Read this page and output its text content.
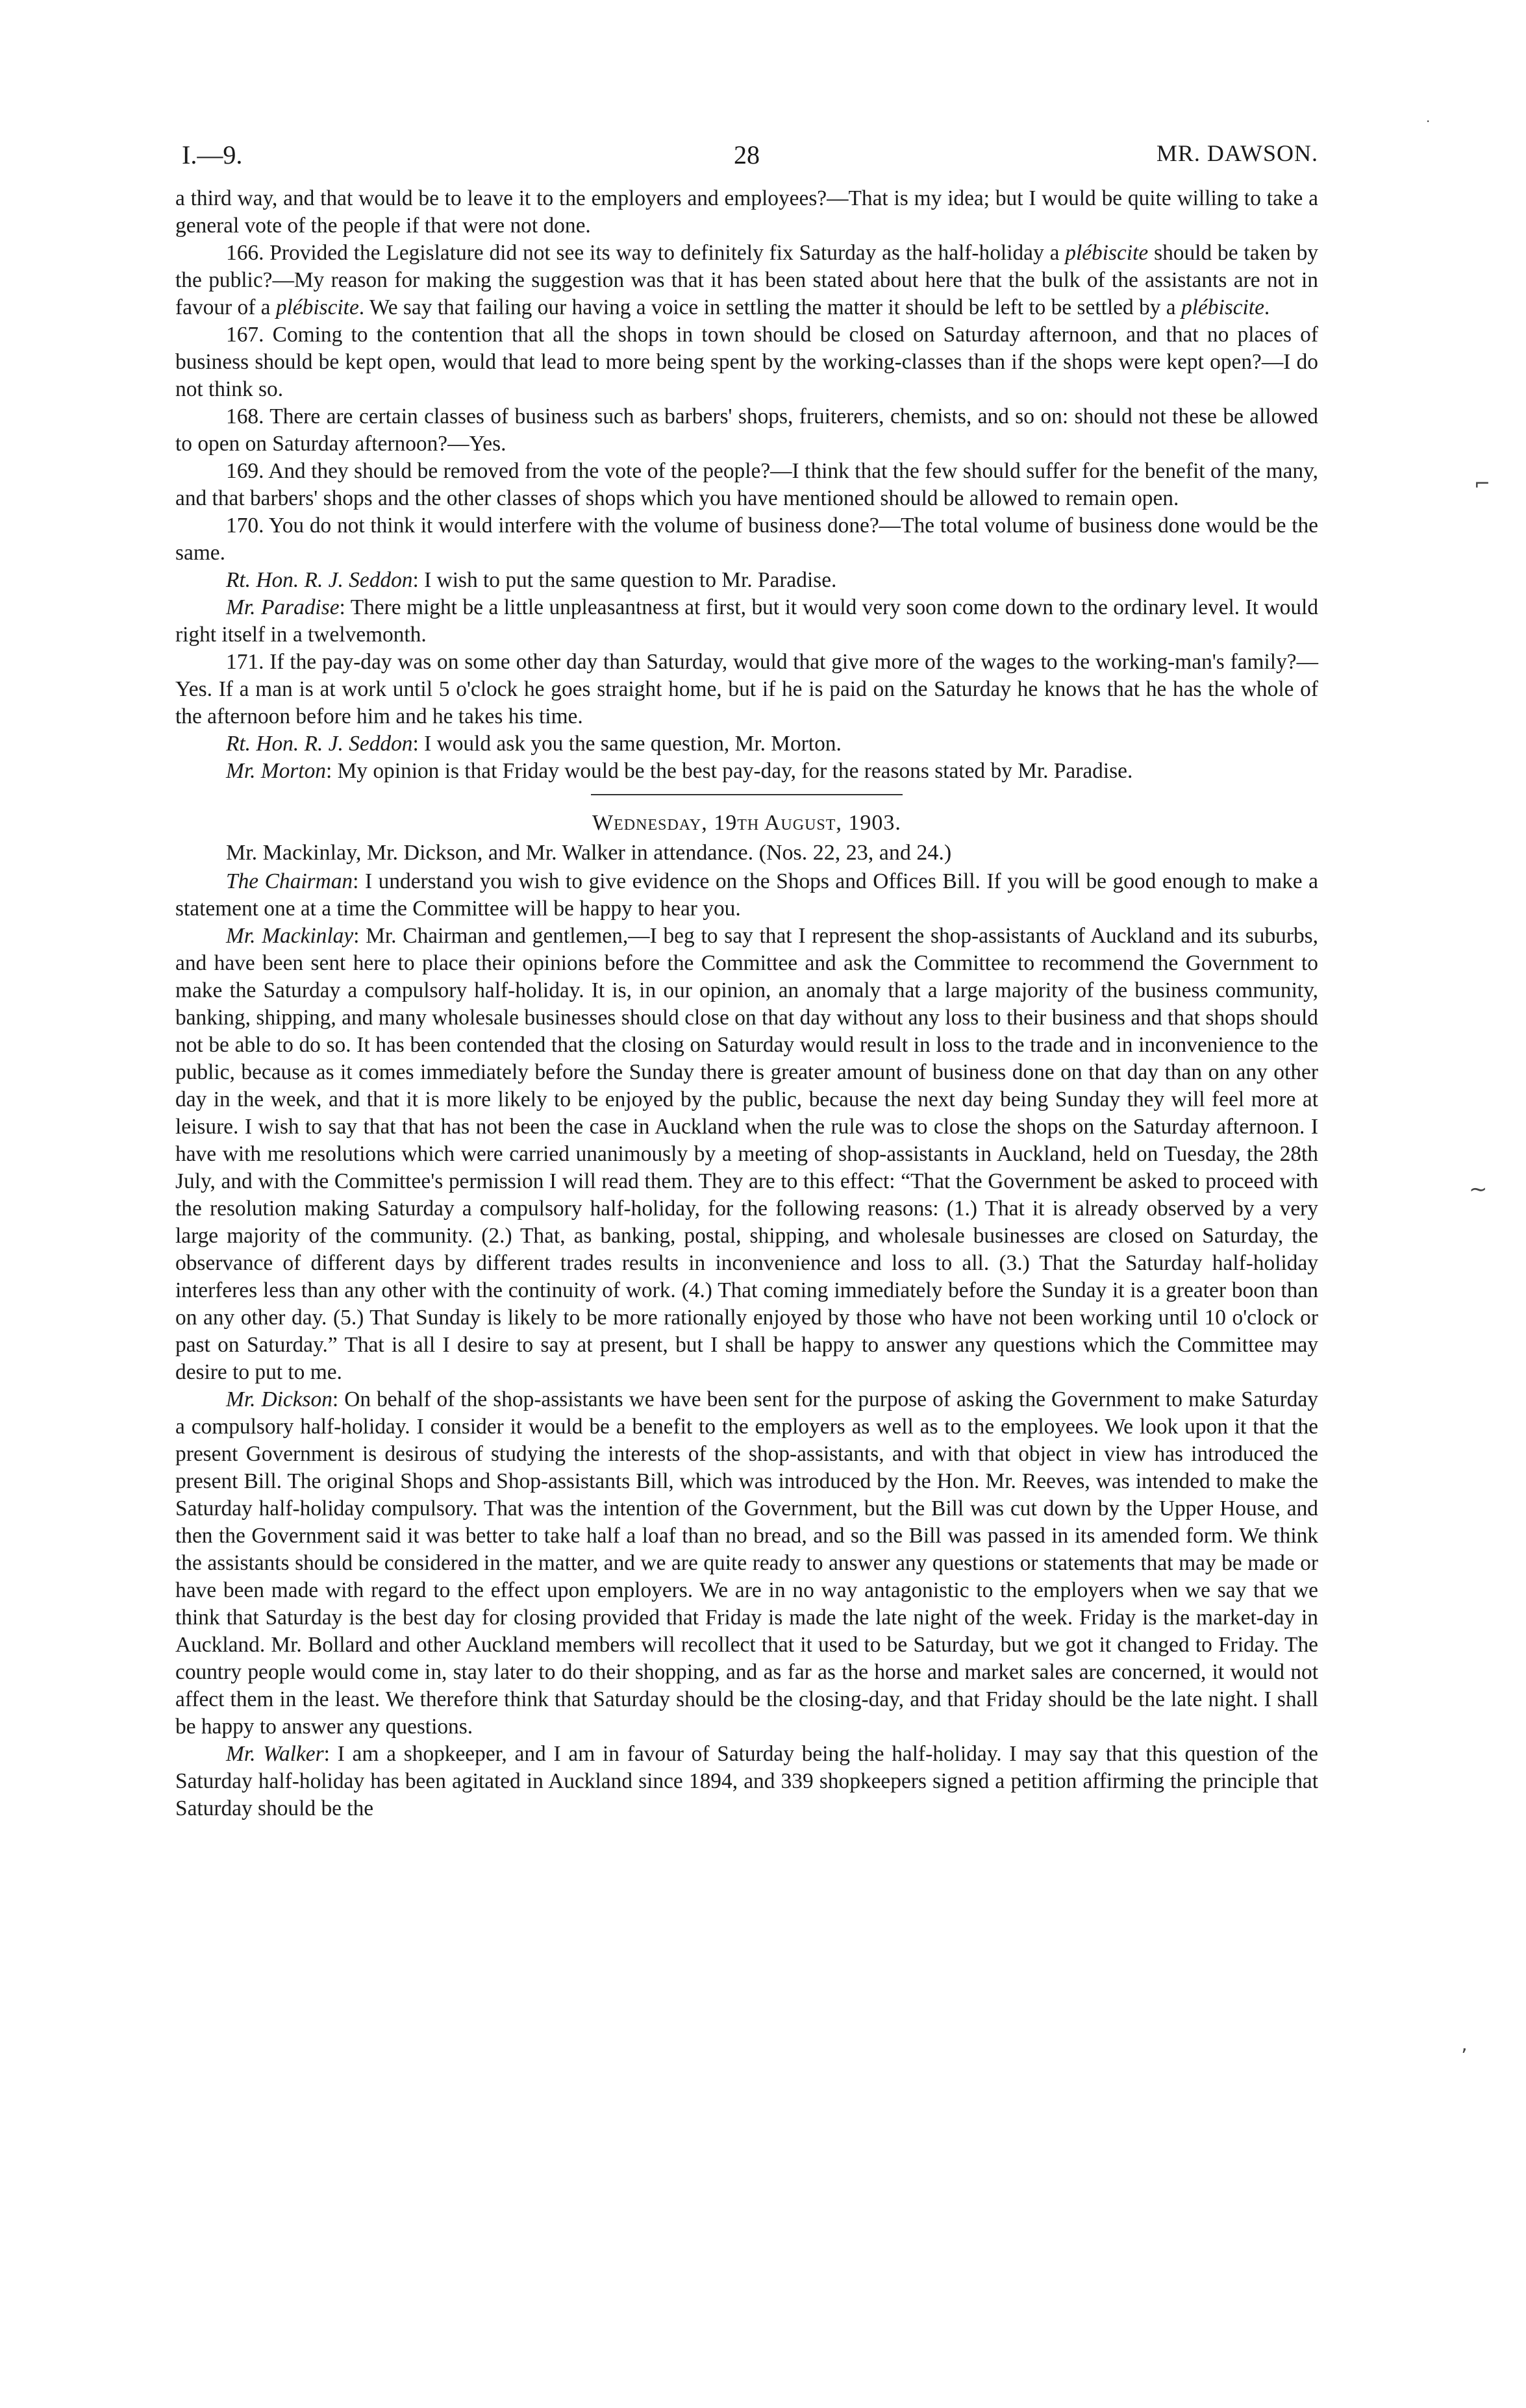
I.—9.	28	MR. DAWSON.

a third way, and that would be to leave it to the employers and employees?—That is my idea; but I would be quite willing to take a general vote of the people if that were not done.

166. Provided the Legislature did not see its way to definitely fix Saturday as the half-holiday a plébiscite should be taken by the public?—My reason for making the suggestion was that it has been stated about here that the bulk of the assistants are not in favour of a plébiscite. We say that failing our having a voice in settling the matter it should be left to be settled by a plébiscite.

167. Coming to the contention that all the shops in town should be closed on Saturday afternoon, and that no places of business should be kept open, would that lead to more being spent by the working-classes than if the shops were kept open?—I do not think so.

168. There are certain classes of business such as barbers' shops, fruiterers, chemists, and so on: should not these be allowed to open on Saturday afternoon?—Yes.

169. And they should be removed from the vote of the people?—I think that the few should suffer for the benefit of the many, and that barbers' shops and the other classes of shops which you have mentioned should be allowed to remain open.

170. You do not think it would interfere with the volume of business done?—The total volume of business done would be the same.

Rt. Hon. R. J. Seddon: I wish to put the same question to Mr. Paradise.

Mr. Paradise: There might be a little unpleasantness at first, but it would very soon come down to the ordinary level. It would right itself in a twelvemonth.

171. If the pay-day was on some other day than Saturday, would that give more of the wages to the working-man's family?—Yes. If a man is at work until 5 o'clock he goes straight home, but if he is paid on the Saturday he knows that he has the whole of the afternoon before him and he takes his time.

Rt. Hon. R. J. Seddon: I would ask you the same question, Mr. Morton.

Mr. Morton: My opinion is that Friday would be the best pay-day, for the reasons stated by Mr. Paradise.

Wednesday, 19th August, 1903.
Mr. Mackinlay, Mr. Dickson, and Mr. Walker in attendance. (Nos. 22, 23, and 24.)

The Chairman: I understand you wish to give evidence on the Shops and Offices Bill. If you will be good enough to make a statement one at a time the Committee will be happy to hear you.

Mr. Mackinlay: Mr. Chairman and gentlemen,—I beg to say that I represent the shop-assistants of Auckland and its suburbs, and have been sent here to place their opinions before the Committee and ask the Committee to recommend the Government to make the Saturday a compulsory half-holiday. It is, in our opinion, an anomaly that a large majority of the business community, banking, shipping, and many wholesale businesses should close on that day without any loss to their business and that shops should not be able to do so. It has been contended that the closing on Saturday would result in loss to the trade and in inconvenience to the public, because as it comes immediately before the Sunday there is greater amount of business done on that day than on any other day in the week, and that it is more likely to be enjoyed by the public, because the next day being Sunday they will feel more at leisure. I wish to say that that has not been the case in Auckland when the rule was to close the shops on the Saturday afternoon. I have with me resolutions which were carried unanimously by a meeting of shop-assistants in Auckland, held on Tuesday, the 28th July, and with the Committee's permission I will read them. They are to this effect: “That the Government be asked to proceed with the resolution making Saturday a compulsory half-holiday, for the following reasons: (1.) That it is already observed by a very large majority of the community. (2.) That, as banking, postal, shipping, and wholesale businesses are closed on Saturday, the observance of different days by different trades results in inconvenience and loss to all. (3.) That the Saturday half-holiday interferes less than any other with the continuity of work. (4.) That coming immediately before the Sunday it is a greater boon than on any other day. (5.) That Sunday is likely to be more rationally enjoyed by those who have not been working until 10 o'clock or past on Saturday.” That is all I desire to say at present, but I shall be happy to answer any questions which the Committee may desire to put to me.

Mr. Dickson: On behalf of the shop-assistants we have been sent for the purpose of asking the Government to make Saturday a compulsory half-holiday. I consider it would be a benefit to the employers as well as to the employees. We look upon it that the present Government is desirous of studying the interests of the shop-assistants, and with that object in view has introduced the present Bill. The original Shops and Shop-assistants Bill, which was introduced by the Hon. Mr. Reeves, was intended to make the Saturday half-holiday compulsory. That was the intention of the Government, but the Bill was cut down by the Upper House, and then the Government said it was better to take half a loaf than no bread, and so the Bill was passed in its amended form. We think the assistants should be considered in the matter, and we are quite ready to answer any questions or statements that may be made or have been made with regard to the effect upon employers. We are in no way antagonistic to the employers when we say that we think that Saturday is the best day for closing provided that Friday is made the late night of the week. Friday is the market-day in Auckland. Mr. Bollard and other Auckland members will recollect that it used to be Saturday, but we got it changed to Friday. The country people would come in, stay later to do their shopping, and as far as the horse and market sales are concerned, it would not affect them in the least. We therefore think that Saturday should be the closing-day, and that Friday should be the late night. I shall be happy to answer any questions.

Mr. Walker: I am a shopkeeper, and I am in favour of Saturday being the half-holiday. I may say that this question of the Saturday half-holiday has been agitated in Auckland since 1894, and 339 shopkeepers signed a petition affirming the principle that Saturday should be the

·
⌐
∼
ʼ
